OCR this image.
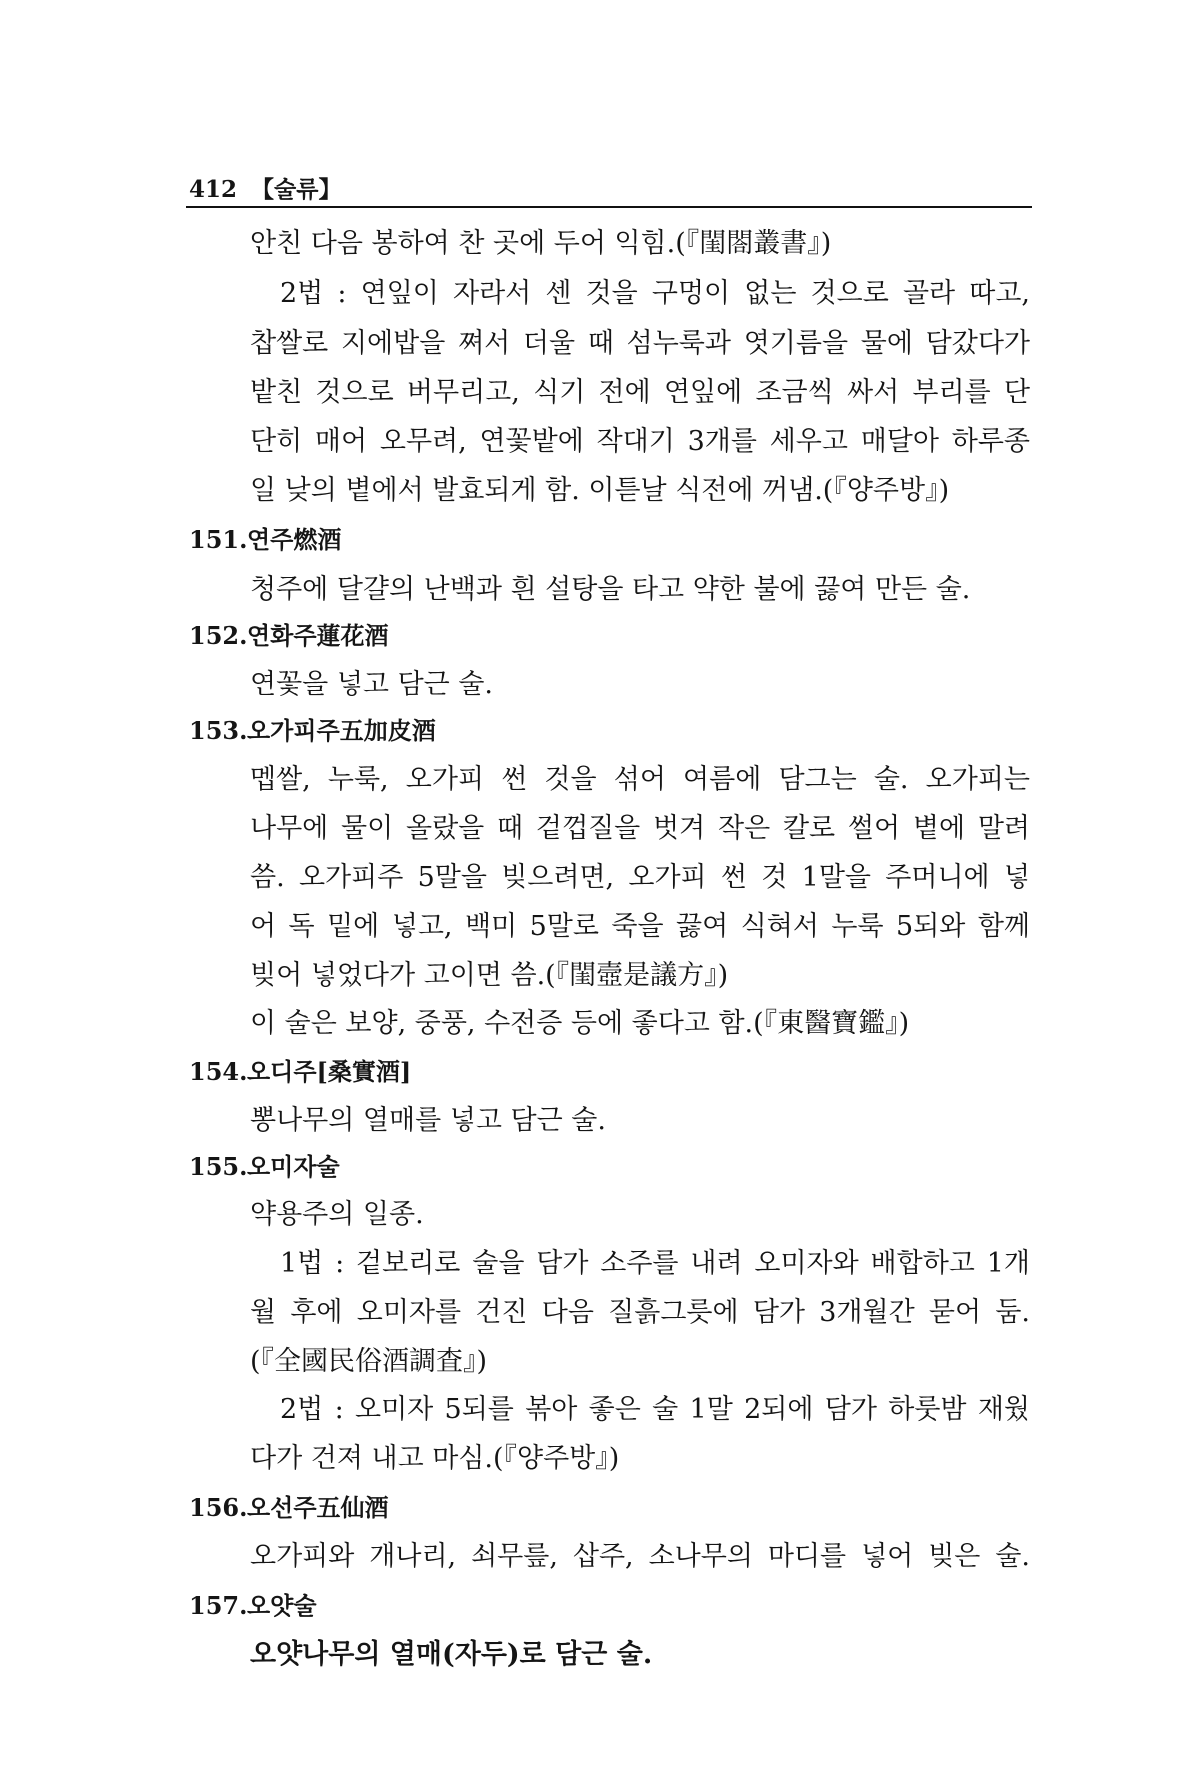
412 【술류】
안친 다음 봉하여 찬 곳에 두어 익힘.(『閨閤叢書』)
2법 : 연잎이 자라서 센 것을 구멍이 없는 것으로 골라 따고,
찹쌀로 지에밥을 쪄서 더울 때 섬누룩과 엿기름을 물에 담갔다가
밭친 것으로 버무리고, 식기 전에 연잎에 조금씩 싸서 부리를 단
단히 매어 오무려, 연꽃밭에 작대기 3개를 세우고 매달아 하루종
일 낮의 볕에서 발효되게 함. 이튿날 식전에 꺼냄.(『양주방』)
151.연주燃酒
청주에 달걀의 난백과 흰 설탕을 타고 약한 불에 끓여 만든 술.
152.연화주蓮花酒
연꽃을 넣고 담근 술.
153.오가피주五加皮酒
멥쌀, 누룩, 오가피 썬 것을 섞어 여름에 담그는 술. 오가피는
나무에 물이 올랐을 때 겉껍질을 벗겨 작은 칼로 썰어 볕에 말려
씀. 오가피주 5말을 빚으려면, 오가피 썬 것 1말을 주머니에 넣
어 독 밑에 넣고, 백미 5말로 죽을 끓여 식혀서 누룩 5되와 함께
빚어 넣었다가 고이면 씀.(『閨壼是議方』)
이 술은 보양, 중풍, 수전증 등에 좋다고 함.(『東醫寶鑑』)
154.오디주[桑實酒]
뽕나무의 열매를 넣고 담근 술.
155.오미자술
약용주의 일종.
1법 : 겉보리로 술을 담가 소주를 내려 오미자와 배합하고 1개
월 후에 오미자를 건진 다음 질흙그릇에 담가 3개월간 묻어 둠.
(『全國民俗酒調査』)
2법 : 오미자 5되를 볶아 좋은 술 1말 2되에 담가 하룻밤 재웠
다가 건져 내고 마심.(『양주방』)
156.오선주五仙酒
오가피와 개나리, 쇠무릎, 삽주, 소나무의 마디를 넣어 빚은 술.
157.오얏술
오얏나무의 열매(자두)로 담근 술.
